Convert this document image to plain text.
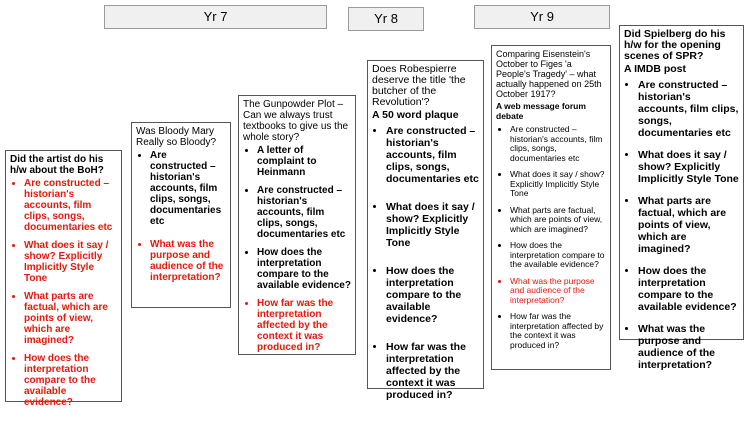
Yr 7	Yr 8	Yr 9
Did the artist do his h/w about the BoH?
• Are constructed – historian's accounts, film clips, songs, documentaries etc
• What does it say / show? Explicitly Implicitly Style Tone
• What parts are factual, which are points of view, which are imagined?
• How does the interpretation compare to the available evidence?
Was Bloody Mary Really so Bloody?
• Are constructed – historian's accounts, film clips, songs, documentaries etc
• What was the purpose and audience of the interpretation?
The Gunpowder Plot – Can we always trust textbooks to give us the whole story?
• A letter of complaint to Heinmann
• Are constructed – historian's accounts, film clips, songs, documentaries etc
• How does the interpretation compare to the available evidence?
• How far was the interpretation affected by the context it was produced in?
Does Robespierre deserve the title 'the butcher of the Revolution'?
A 50 word plaque
• Are constructed – historian's accounts, film clips, songs, documentaries etc
• What does it say / show? Explicitly Implicitly Style Tone
• How does the interpretation compare to the available evidence?
• How far was the interpretation affected by the context it was produced in?
Comparing Eisenstein's October to Figes 'a People's Tragedy' – what actually happened on 25th October 1917?
A web message forum debate
• Are constructed – historian's accounts, film clips, songs, documentaries etc
• What does it say / show? Explicitly Implicitly Style Tone
• What parts are factual, which are points of view, which are imagined?
• How does the interpretation compare to the available evidence?
• What was the purpose and audience of the interpretation?
• How far was the interpretation affected by the context it was produced in?
Did Spielberg do his h/w for the opening scenes of SPR?
A IMDB post
• Are constructed – historian's accounts, film clips, songs, documentaries etc
• What does it say / show? Explicitly Implicitly Style Tone
• What parts are factual, which are points of view, which are imagined?
• How does the interpretation compare to the available evidence?
• What was the purpose and audience of the interpretation?
